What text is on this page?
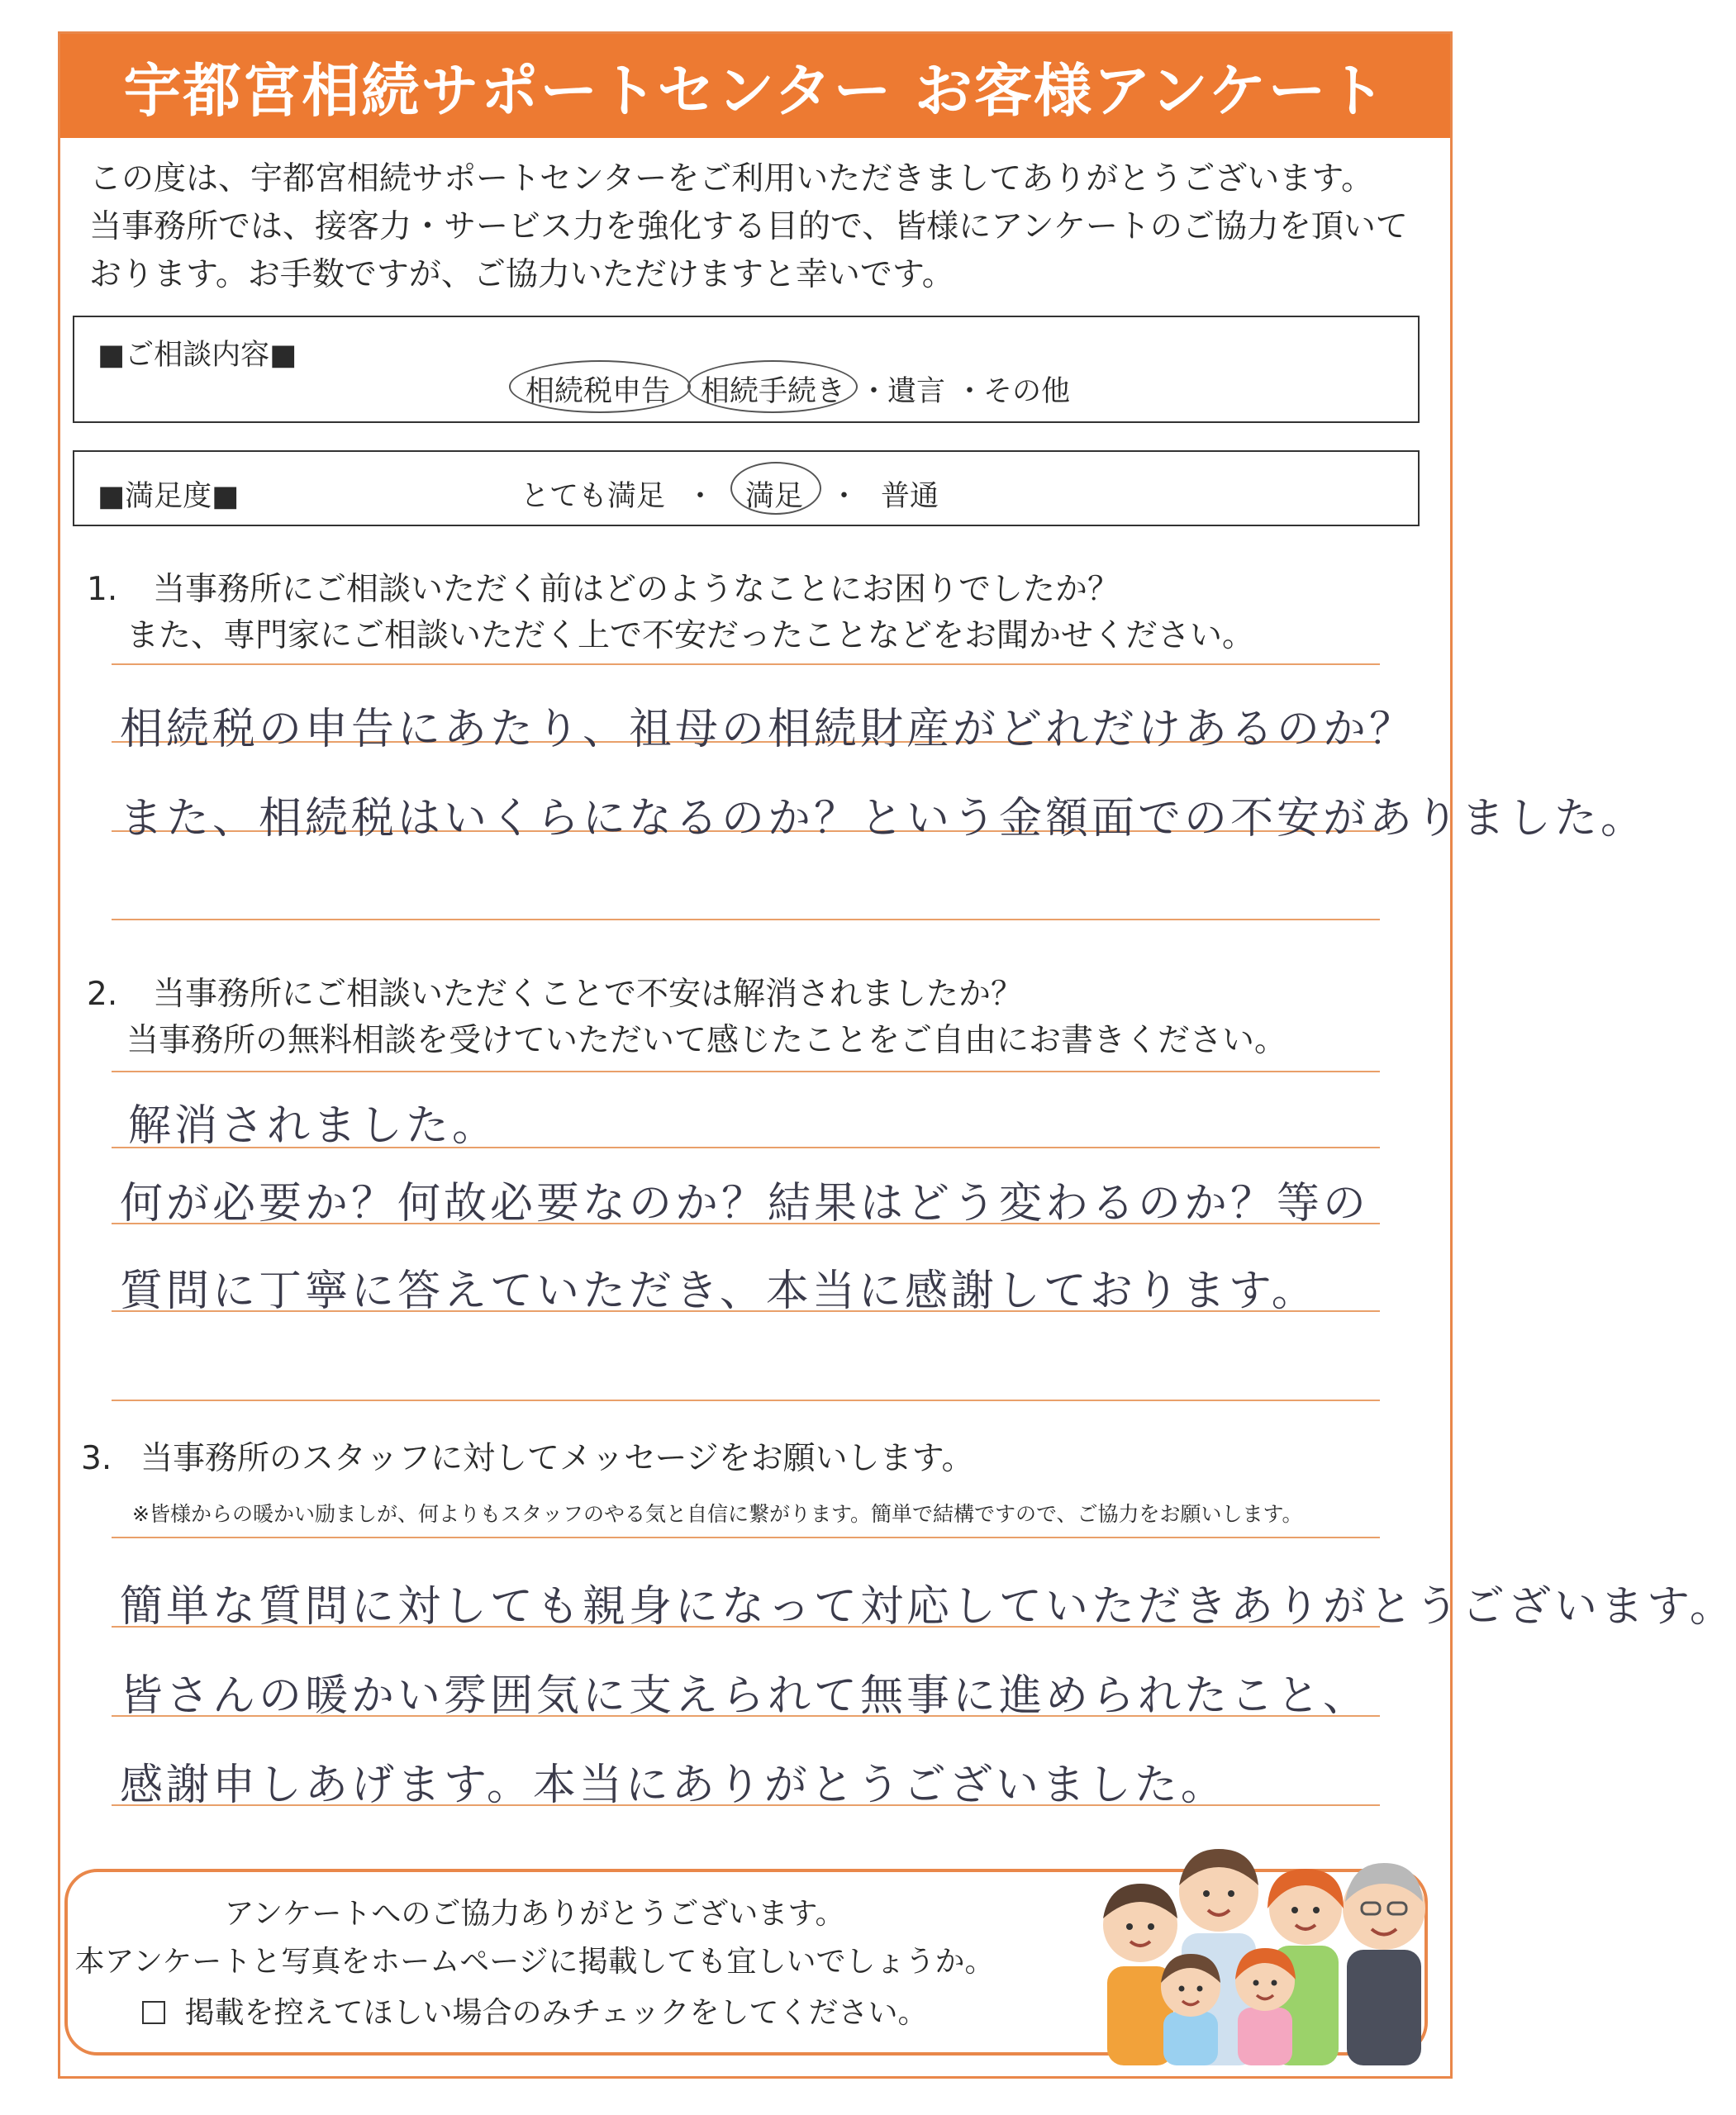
宇都宮相続サポートセンター お客様アンケート

この度は、宇都宮相続サポートセンターをご利用いただきましてありがとうございます。

当事務所では、接客力・サービス力を強化する目的で、皆様にアンケートのご協力を頂いて

おります。お手数ですが、ご協力いただけますと幸いです。

■ご相談内容■
相続税申告 相続手続き ・
遺言 ・
その他
■満足度■	とても満足 ・ 満足 ・ 普通
1. 当事務所にご相談いただく前はどのようなことにお困りでしたか？
また、専門家にご相談いただく上で不安だったことなどをお聞かせください。
相続税の申告にあたり、祖母の相続財産がどれだけあるのか？
また、相続税はいくらになるのか？という金額面での不安がありました。
2. 当事務所にご相談いただくことで不安は解消されましたか？
当事務所の無料相談を受けていただいて感じたことをご自由にお書きください。
解消されました。
何が必要か？何故必要なのか？結果はどう変わるのか？等の
質問に丁寧に答えていただき、本当に感謝しております。
3. 当事務所のスタッフに対してメッセージをお願いします。
※皆様からの暖かい励ましが、何よりもスタッフのやる気と自信に繋がります。簡単で結構ですので、ご協力をお願いします。
簡単な質問に対しても親身になって対応していただきありがとうございます。
皆さんの暖かい雰囲気に支えられて無事に進められたこと、
感謝申しあげます。本当にありがとうございました。
アンケートへのご協力ありがとうございます。
本アンケートと写真をホームページに掲載しても宜しいでしょうか。
掲載を控えてほしい場合のみチェックをしてください。
